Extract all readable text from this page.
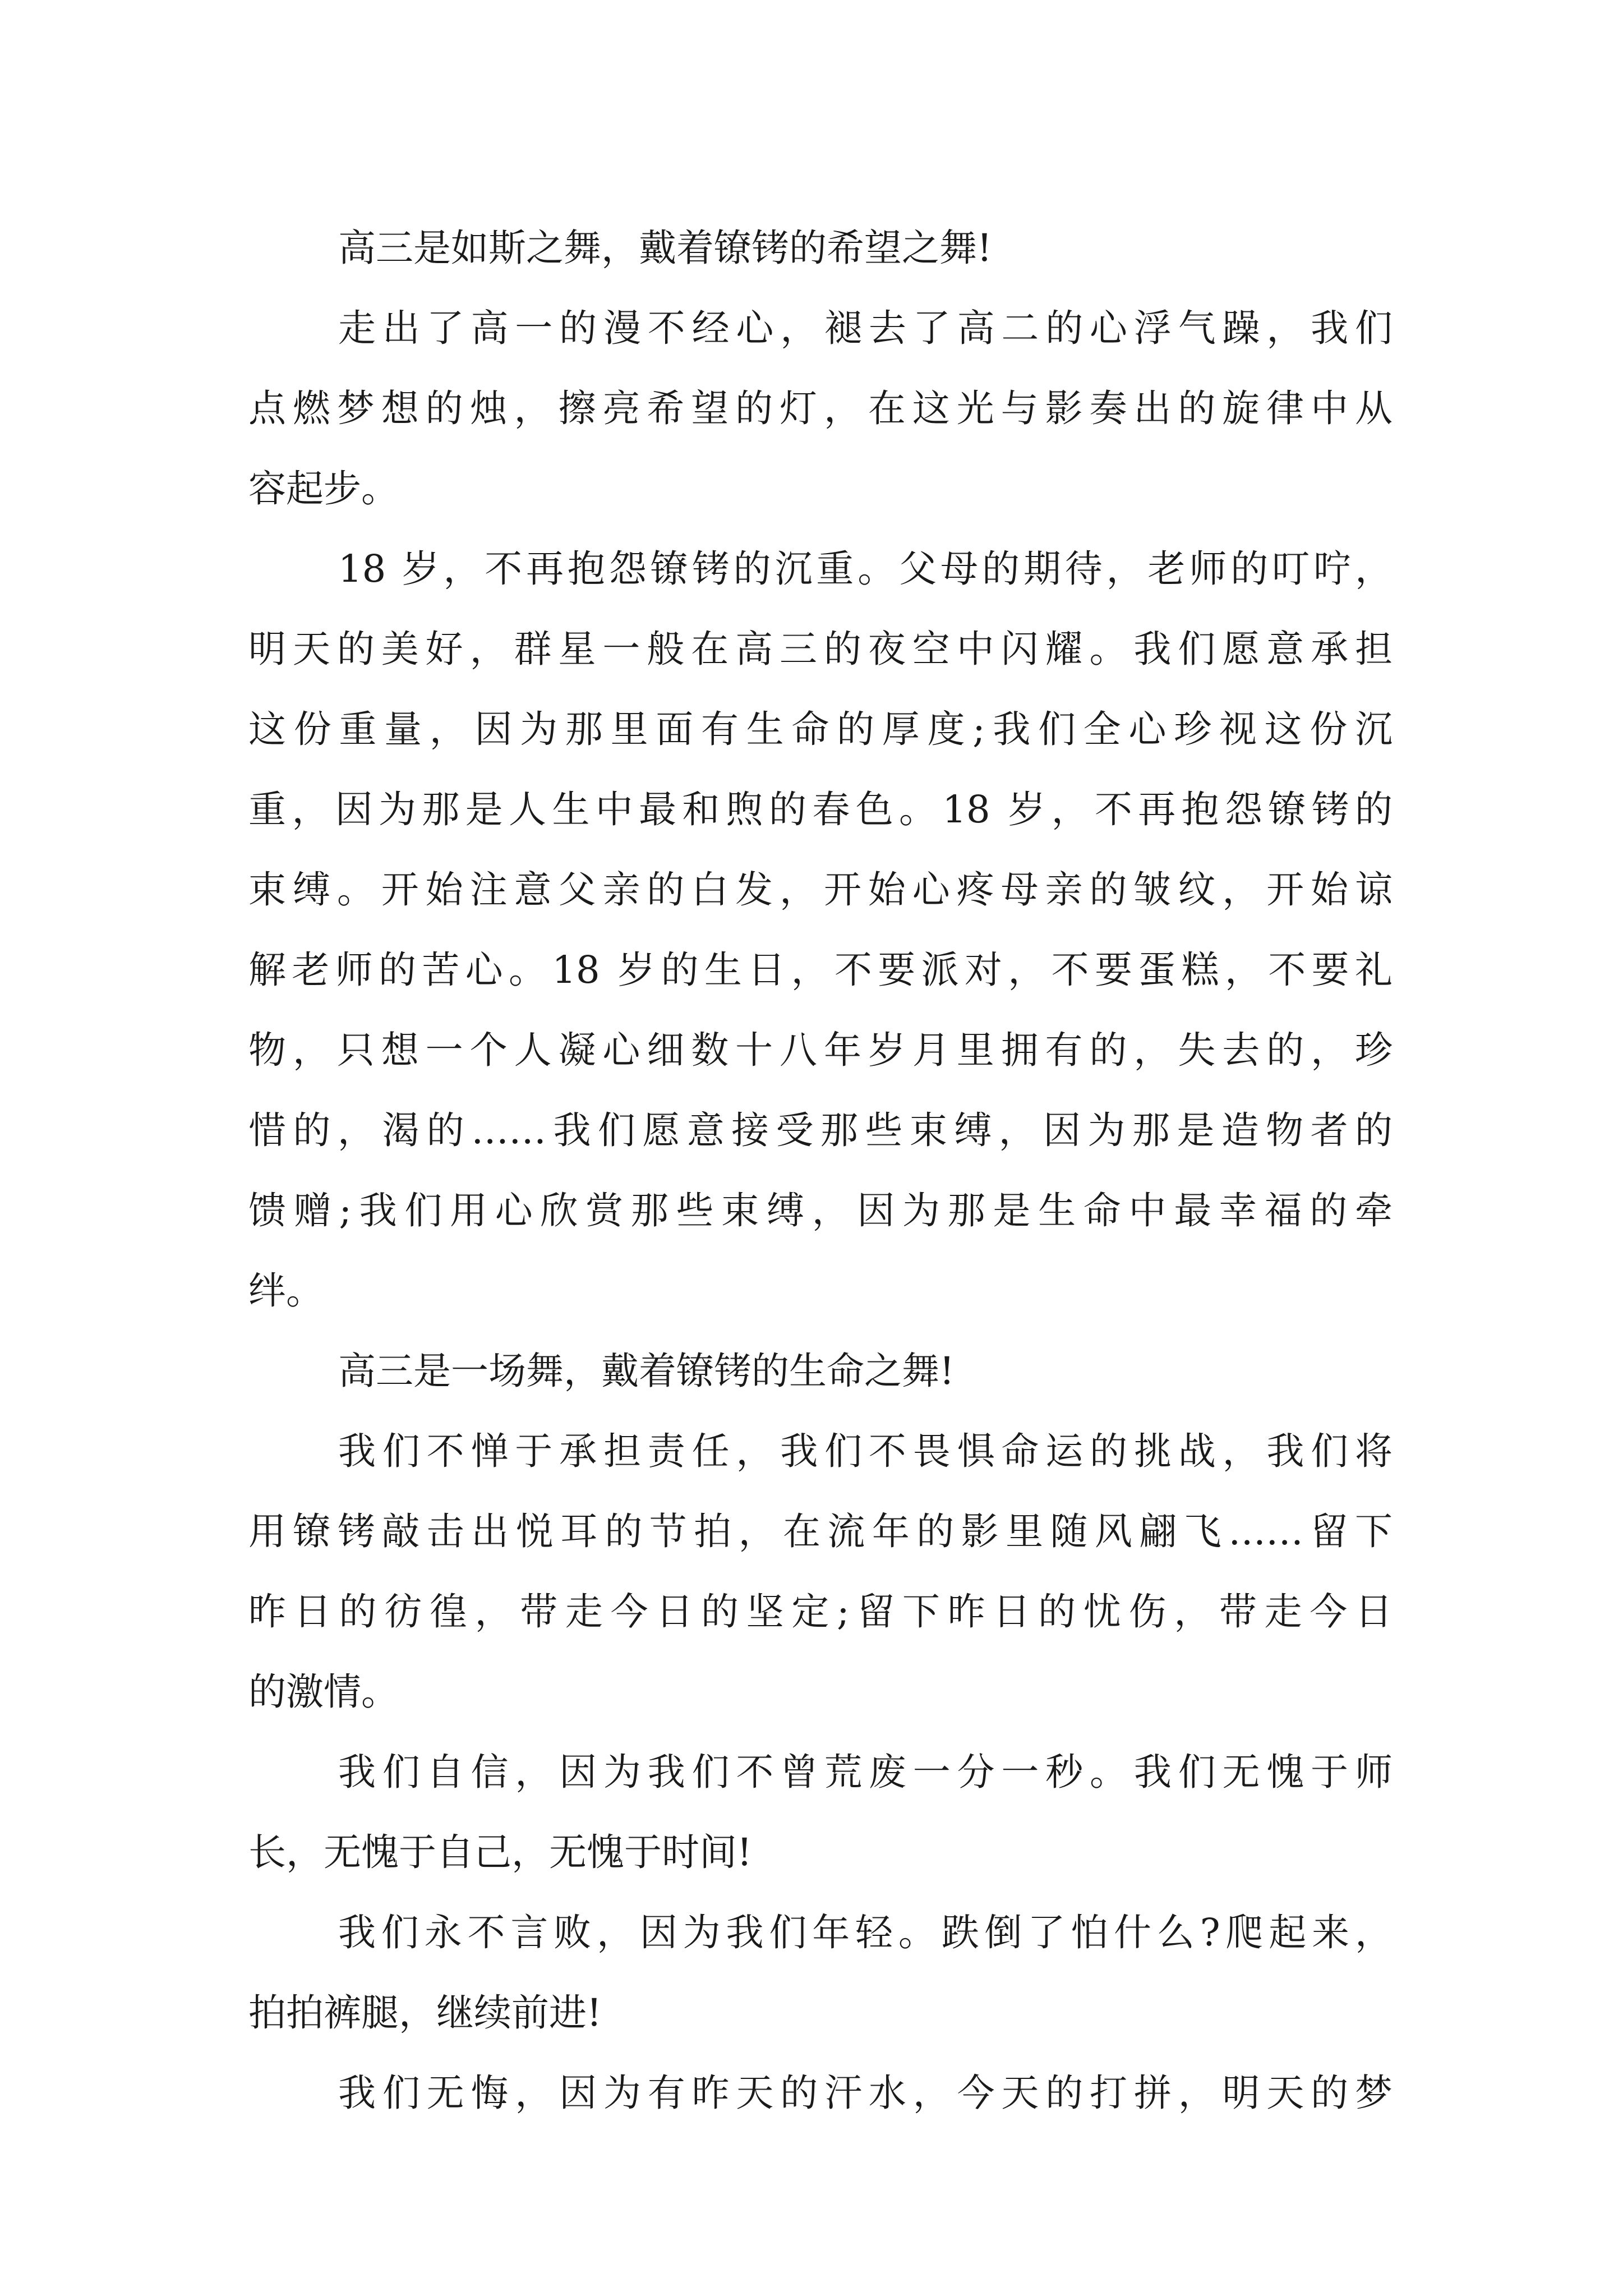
高三是如斯之舞，戴着镣铐的希望之舞!
走出了高一的漫不经心，褪去了高二的心浮气躁，我们
点燃梦想的烛，擦亮希望的灯，在这光与影奏出的旋律中从
容起步。
18 岁，不再抱怨镣铐的沉重。父母的期待，老师的叮咛，
明天的美好，群星一般在高三的夜空中闪耀。我们愿意承担
这份重量，因为那里面有生命的厚度;我们全心珍视这份沉
重，因为那是人生中最和煦的春色。18 岁，不再抱怨镣铐的
束缚。开始注意父亲的白发，开始心疼母亲的皱纹，开始谅
解老师的苦心。18 岁的生日，不要派对，不要蛋糕，不要礼
物，只想一个人凝心细数十八年岁月里拥有的，失去的，珍
惜的，渴的……我们愿意接受那些束缚，因为那是造物者的
馈赠;我们用心欣赏那些束缚，因为那是生命中最幸福的牵
绊。
高三是一场舞，戴着镣铐的生命之舞!
我们不惮于承担责任，我们不畏惧命运的挑战，我们将
用镣铐敲击出悦耳的节拍，在流年的影里随风翩飞……留下
昨日的彷徨，带走今日的坚定;留下昨日的忧伤，带走今日
的激情。
我们自信，因为我们不曾荒废一分一秒。我们无愧于师
长，无愧于自己，无愧于时间!
我们永不言败，因为我们年轻。跌倒了怕什么?爬起来，
拍拍裤腿，继续前进!
我们无悔，因为有昨天的汗水，今天的打拼，明天的梦
